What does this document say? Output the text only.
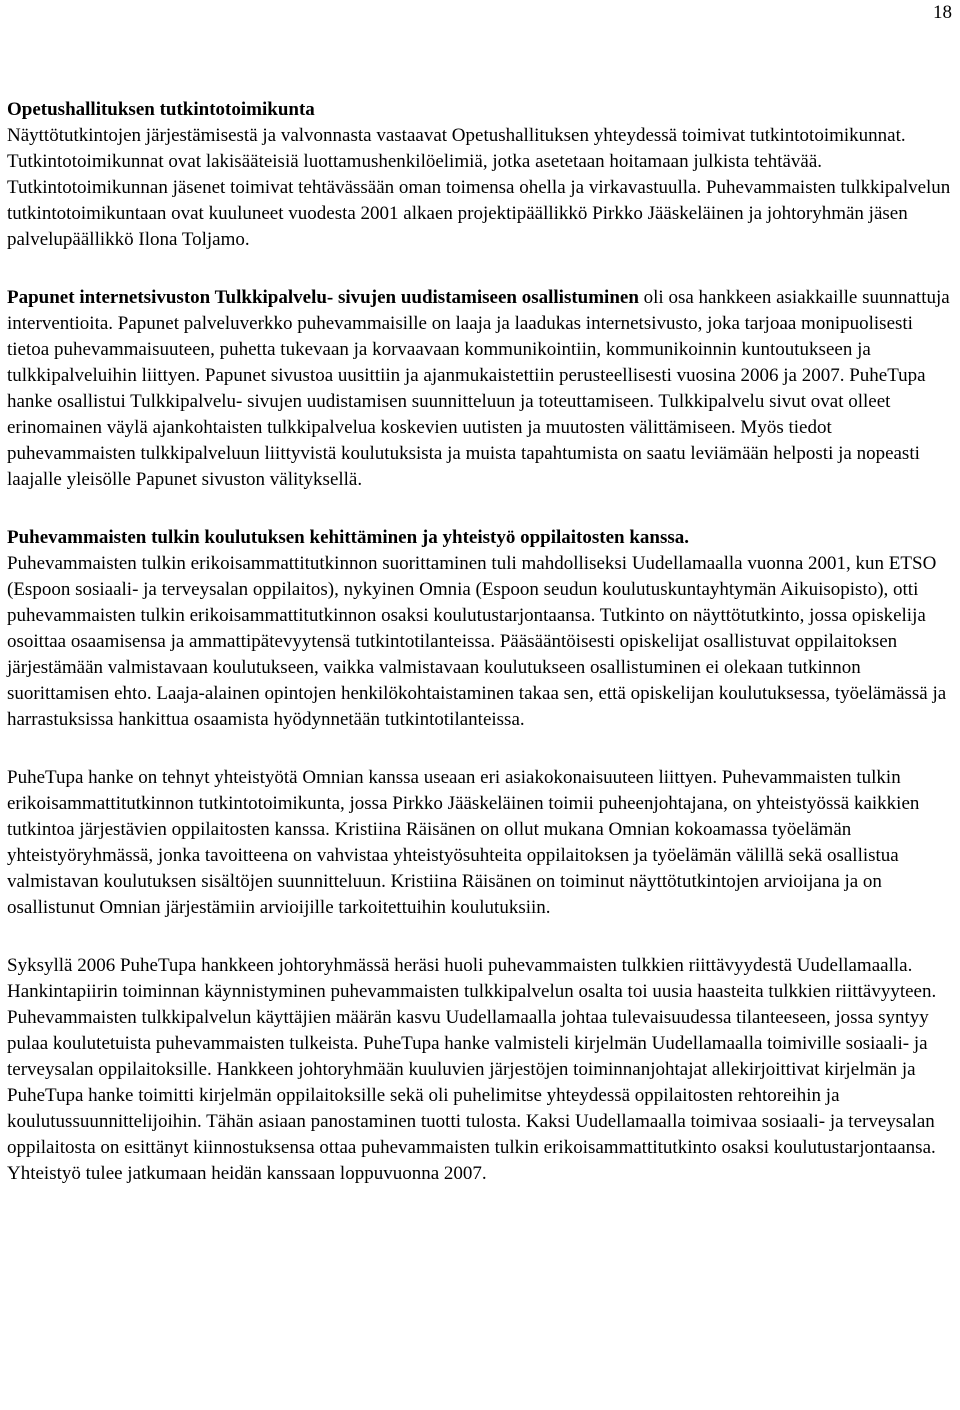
18
Opetushallituksen tutkintotoimikunta

Näyttötutkintojen järjestämisestä ja valvonnasta vastaavat Opetushallituksen yhteydessä toimivat tutkintotoimikunnat. Tutkintotoimikunnat ovat lakisääteisiä luottamushenkilöelimiä, jotka asetetaan hoitamaan julkista tehtävää. Tutkintotoimikunnan jäsenet toimivat tehtävässään oman toimensa ohella ja virkavastuulla. Puhevammaisten tulkkipalvelun tutkintotoimikuntaan ovat kuuluneet vuodesta 2001 alkaen projektipäällikkö Pirkko Jääskeläinen ja johtoryhmän jäsen palvelupäällikkö Ilona Toljamo.

Papunet internetsivuston Tulkkipalvelu- sivujen uudistamiseen osallistuminen oli osa hankkeen asiakkaille suunnattuja interventioita. Papunet palveluverkko puhevammaisille on laaja ja laadukas internetsivusto, joka tarjoaa monipuolisesti tietoa puhevammaisuuteen, puhetta tukevaan ja korvaavaan kommunikointiin, kommunikoinnin kuntoutukseen ja tulkkipalveluihin liittyen. Papunet sivustoa uusittiin ja ajanmukaistettiin perusteellisesti vuosina 2006 ja 2007. PuheTupa hanke osallistui Tulkkipalvelu- sivujen uudistamisen suunnitteluun ja toteuttamiseen. Tulkkipalvelu sivut ovat olleet erinomainen väylä ajankohtaisten tulkkipalvelua koskevien uutisten ja muutosten välittämiseen. Myös tiedot puhevammaisten tulkkipalveluun liittyvistä koulutuksista ja muista tapahtumista on saatu leviämään helposti ja nopeasti laajalle yleisölle Papunet sivuston välityksellä.

Puhevammaisten tulkin koulutuksen kehittäminen ja yhteistyö oppilaitosten kanssa.

Puhevammaisten tulkin erikoisammattitutkinnon suorittaminen tuli mahdolliseksi Uudellamaalla vuonna 2001, kun ETSO (Espoon sosiaali- ja terveysalan oppilaitos), nykyinen Omnia (Espoon seudun koulutuskuntayhtymän Aikuisopisto), otti puhevammaisten tulkin erikoisammattitutkinnon osaksi koulutustarjontaansa. Tutkinto on näyttötutkinto, jossa opiskelija osoittaa osaamisensa ja ammattipätevyytensä tutkintotilanteissa. Pääsääntöisesti opiskelijat osallistuvat oppilaitoksen järjestämään valmistavaan koulutukseen, vaikka valmistavaan koulutukseen osallistuminen ei olekaan tutkinnon suorittamisen ehto. Laaja-alainen opintojen henkilökohtaistaminen takaa sen, että opiskelijan koulutuksessa, työelämässä ja harrastuksissa hankittua osaamista hyödynnetään tutkintotilanteissa.

PuheTupa hanke on tehnyt yhteistyötä Omnian kanssa useaan eri asiakokonaisuuteen liittyen. Puhevammaisten tulkin erikoisammattitutkinnon tutkintotoimikunta, jossa Pirkko Jääskeläinen toimii puheenjohtajana, on yhteistyössä kaikkien tutkintoa järjestävien oppilaitosten kanssa. Kristiina Räisänen on ollut mukana Omnian kokoamassa työelämän yhteistyöryhmässä, jonka tavoitteena on vahvistaa yhteistyösuhteita oppilaitoksen ja työelämän välillä sekä osallistua valmistavan koulutuksen sisältöjen suunnitteluun. Kristiina Räisänen on toiminut näyttötutkintojen arvioijana ja on osallistunut Omnian järjestämiin arvioijille tarkoitettuihin koulutuksiin.

Syksyllä 2006 PuheTupa hankkeen johtoryhmässä heräsi huoli puhevammaisten tulkkien riittävyydestä Uudellamaalla. Hankintapiirin toiminnan käynnistyminen puhevammaisten tulkkipalvelun osalta toi uusia haasteita tulkkien riittävyyteen. Puhevammaisten tulkkipalvelun käyttäjien määrän kasvu Uudellamaalla johtaa tulevaisuudessa tilanteeseen, jossa syntyy pulaa koulutetuista puhevammaisten tulkeista. PuheTupa hanke valmisteli kirjelmän Uudellamaalla toimiville sosiaali- ja terveysalan oppilaitoksille. Hankkeen johtoryhmään kuuluvien järjestöjen toiminnanjohtajat allekirjoittivat kirjelmän ja PuheTupa hanke toimitti kirjelmän oppilaitoksille sekä oli puhelimitse yhteydessä oppilaitosten rehtoreihin ja koulutussuunnittelijoihin. Tähän asiaan panostaminen tuotti tulosta. Kaksi Uudellamaalla toimivaa sosiaali- ja terveysalan oppilaitosta on esittänyt kiinnostuksensa ottaa puhevammaisten tulkin erikoisammattitutkinto osaksi koulutustarjontaansa. Yhteistyö tulee jatkumaan heidän kanssaan loppuvuonna 2007.
